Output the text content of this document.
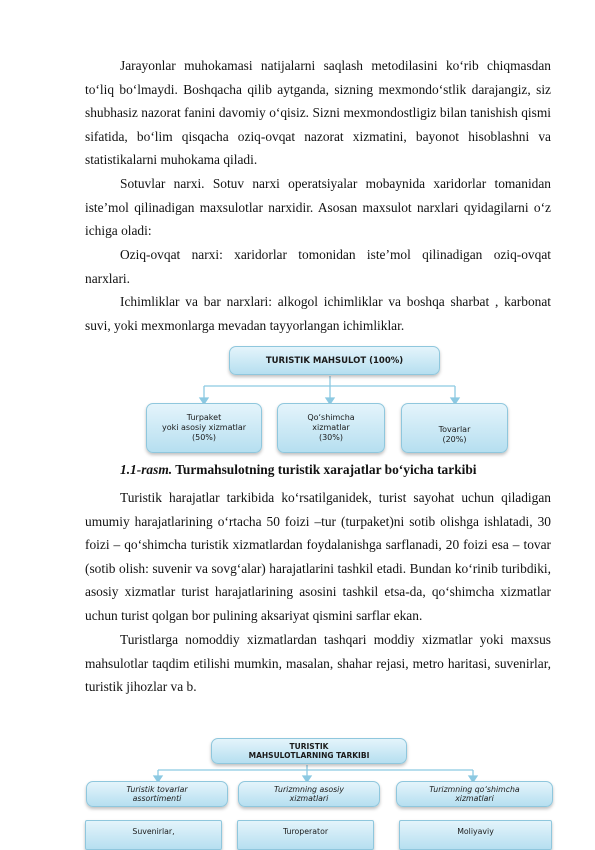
Jarayonlar muhokamasi natijalarni saqlash metodilasini ko‘rib chiqmasdan to‘liq bo‘lmaydi. Boshqacha qilib aytganda, sizning mexmondo‘stlik darajangiz, siz shubhasiz nazorat fanini davomiy o‘qisiz. Sizni mexmondostligiz bilan tanishish qismi sifatida, bo‘lim qisqacha oziq-ovqat nazorat xizmatini, bayonot hisoblashni va statistikalarni muhokama qiladi.
Sotuvlar narxi. Sotuv narxi operatsiyalar mobaynida xaridorlar tomanidan iste’mol qilinadigan maxsulotlar narxidir. Asosan maxsulot narxlari qyidagilarni o‘z ichiga oladi:
Oziq-ovqat narxi: xaridorlar tomonidan iste’mol qilinadigan oziq-ovqat narxlari.
Ichimliklar va bar narxlari: alkogol ichimliklar va boshqa sharbat , karbonat suvi, yoki mexmonlarga mevadan tayyorlangan ichimliklar.
TURISTIK MAHSULOT (100%)
Turpaket
yoki asosiy xizmatlar
(50%)
Qo‘shimcha
xizmatlar
(30%)
Tovarlar
(20%)
1.1-rasm. Turmahsulotning turistik xarajatlar bo‘yicha tarkibi
Turistik harajatlar tarkibida ko‘rsatilganidek, turist sayohat uchun qiladigan umumiy harajatlarining o‘rtacha 50 foizi –tur (turpaket)ni sotib olishga ishlatadi, 30 foizi – qo‘shimcha turistik xizmatlardan foydalanishga sarflanadi, 20 foizi esa – tovar (sotib olish: suvenir va sovg‘alar) harajatlarini tashkil etadi. Bundan ko‘rinib turibdiki, asosiy xizmatlar turist harajatlarining asosini tashkil etsa-da, qo‘shimcha xizmatlar uchun turist qolgan bor pulining aksariyat qismini sarflar ekan.
Turistlarga nomoddiy xizmatlardan tashqari moddiy xizmatlar yoki maxsus mahsulotlar taqdim etilishi mumkin, masalan, shahar rejasi, metro haritasi, suvenirlar, turistik jihozlar va b.
TURISTIK
MAHSULOTLARNING TARKIBI
Turistik tovarlar
assortimenti
Turizmning asosiy
xizmatlari
Turizmning qo‘shimcha
xizmatlari
Suvenirlar,	Turoperator	Moliyaviy
